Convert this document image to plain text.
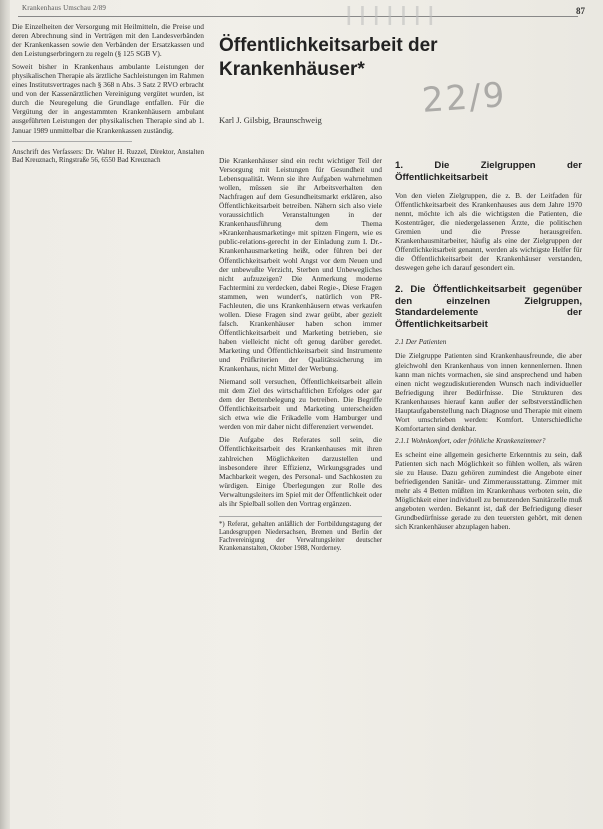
Krankenhaus Umschau 2/89	87
IIIIIII
22/9

Die Einzelheiten der Versorgung mit Heilmitteln, die Preise und deren Abrechnung sind in Verträgen mit den Landesverbänden der Krankenkassen sowie den Verbänden der Ersatzkassen und den Leistungserbringern zu regeln (§ 125 SGB V).

Soweit bisher in Krankenhaus ambulante Leistungen der physikalischen Therapie als ärztliche Sachleistungen im Rahmen eines Institutsvertrages nach § 368 n Abs. 3 Satz 2 RVO erbracht und von der Kassenärztlichen Vereinigung vergütet wurden, ist durch die Neuregelung die Grundlage entfallen. Für die Vergütung der in angestammten Krankenhäusern ambulant ausgeführten Leistungen der physikalischen Therapie sind ab 1. Januar 1989 unmittelbar die Krankenkassen zuständig.

Anschrift des Verfassers: Dr. Walter H. Ruzzel, Direktor, Anstalten Bad Kreuznach, Ringstraße 56, 6550 Bad Kreuznach
Öffentlichkeitsarbeit der Krankenhäuser*
Karl J. Gilsbig, Braunschweig

Die Krankenhäuser sind ein recht wichtiger Teil der Versorgung mit Leistungen für Gesundheit und Lebensqualität. Wenn sie ihre Aufgaben wahrnehmen wollen, müssen sie ihr Arbeitsverhalten den Nachfragen auf dem Gesundheitsmarkt erklären, also Öffentlichkeitsarbeit betreiben. Nähern sich also viele voraussichtlich Veranstaltungen in der Krankenhausführung dem Thema »Krankenhausmarketing« mit spitzen Fingern, wie es public-relations-gerecht in der Einladung zum I. Dr.-Krankenhausmarketing heißt, oder führen bei der Öffentlichkeitsarbeit wohl Angst vor dem Neuen und der unbewußte Verzicht, Sterben und Unbewegliches nicht aufzuzeigen? Die Anmerkung moderne Fachtermini zu verdecken, dabei Regie-, Diese Fragen stammen, wen wundert's, natürlich von PR-Fachleuten, die uns Krankenhäusern etwas verkaufen wollen. Diese Fragen sind zwar geübt, aber gezielt falsch. Krankenhäuser haben schon immer Öffentlichkeitsarbeit und Marketing betrieben, sie haben vielleicht nicht oft genug darüber geredet. Marketing und Öffentlichkeitsarbeit sind Instrumente und Prüfkriterien der Qualitätssicherung im Krankenhaus, nicht Mittel der Werbung.

Niemand soll versuchen, Öffentlichkeitsarbeit allein mit dem Ziel des wirtschaftlichen Erfolges oder gar dem der Bettenbelegung zu betreiben. Die Begriffe Öffentlichkeitsarbeit und Marketing unterscheiden sich etwa wie die Frikadelle vom Hamburger und werden von mir daher nicht differenziert verwendet.

Die Aufgabe des Referates soll sein, die Öffentlichkeitsarbeit des Krankenhauses mit ihren zahlreichen Möglichkeiten darzustellen und insbesondere ihrer Effizienz, Wirkungsgrades und Machbarkeit wegen, des Personal- und Sachkosten zu würdigen. Einige Überlegungen zur Rolle des Verwaltungsleiters im Spiel mit der Öffentlichkeit oder als ihr Spielball sollen den Vortrag ergänzen.

*) Referat, gehalten anläßlich der Fortbildungstagung der Landesgruppen Niedersachsen, Bremen und Berlin der Fachvereinigung der Verwaltungsleiter deutscher Krankenanstalten, Oktober 1988, Norderney.
1. Die Zielgruppen der Öffentlichkeitsarbeit

Von den vielen Zielgruppen, die z. B. der Leitfaden für Öffentlichkeitsarbeit des Krankenhauses aus dem Jahre 1970 nennt, möchte ich als die wichtigsten die Patienten, die Kostenträger, die niedergelassenen Ärzte, die politischen Gremien und die Presse herausgreifen. Krankenhausmitarbeiter, häufig als eine der Zielgruppen der Öffentlichkeitsarbeit genannt, werden als wichtigste Helfer für die Öffentlichkeitsarbeit der Krankenhäuser verstanden, deswegen gehe ich darauf gesondert ein.

2. Die Öffentlichkeitsarbeit gegenüber den einzelnen Zielgruppen, Standardelemente der Öffentlichkeitsarbeit
2.1 Der Patienten

Die Zielgruppe Patienten sind Krankenhausfreunde, die aber gleichwohl den Krankenhaus von innen kennenlernen. Ihnen kann man nichts vormachen, sie sind ansprechend und haben einen nicht wegzudiskutierenden Wunsch nach individueller Befriedigung ihrer Bedürfnisse. Die Strukturen des Krankenhauses hierauf kann außer der selbstverständlichen Hauptaufgabenstellung nach Diagnose und Therapie mit einem Wort umschrieben werden: Komfort. Unterschiedliche Komfortarten sind denkbar.

2.1.1 Wohnkomfort, oder fröhliche Krankenzimmer?

Es scheint eine allgemein gesicherte Erkenntnis zu sein, daß Patienten sich nach Möglichkeit so fühlen wollen, als wären sie zu Hause. Dazu gehören zumindest die Angebote einer befriedigenden Sanitär- und Zimmerausstattung. Zimmer mit mehr als 4 Betten müßten im Krankenhaus verboten sein, die Möglichkeit einer individuell zu benutzenden Sanitärzelle muß angeboten werden. Bekannt ist, daß der Befriedigung dieser Grundbedürfnisse gerade zu den teuersten gehört, mit denen sich Krankenhäuser abzuplagen haben.
